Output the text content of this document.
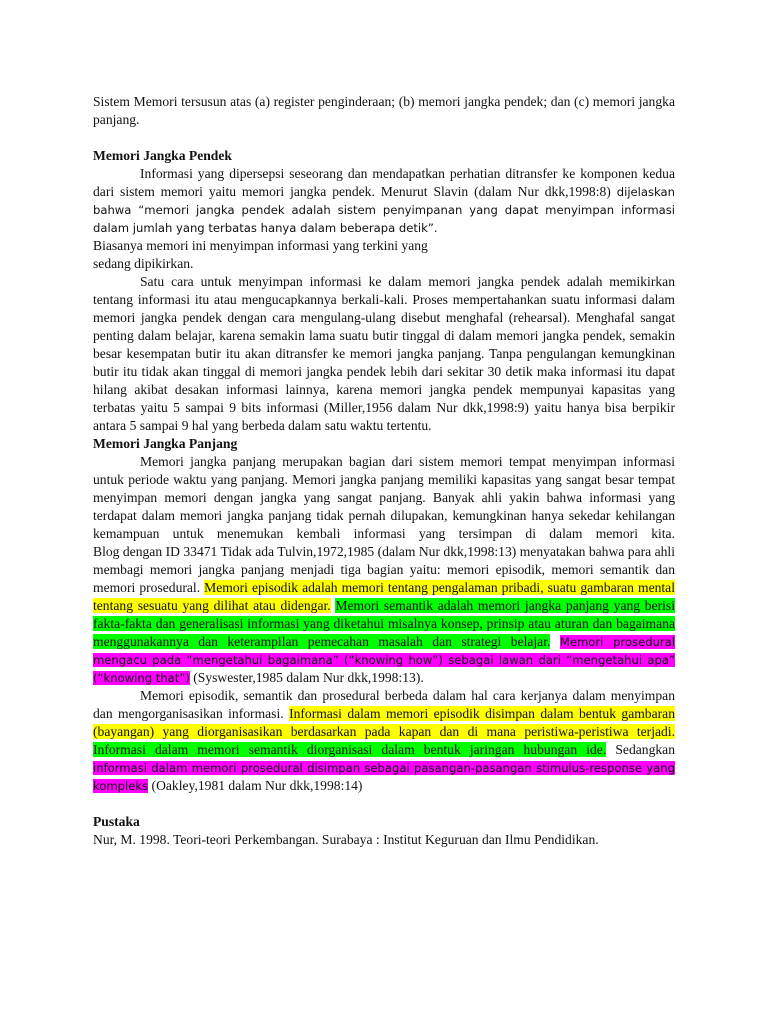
Sistem Memori tersusun atas (a) register penginderaan; (b) memori jangka pendek; dan (c) memori jangka panjang.

Memori Jangka Pendek

Informasi yang dipersepsi seseorang dan mendapatkan perhatian ditransfer ke komponen kedua dari sistem memori yaitu memori jangka pendek. Menurut Slavin (dalam Nur dkk,1998:8) dijelaskan bahwa “memori jangka pendek adalah sistem penyimpanan yang dapat menyimpan informasi dalam jumlah yang terbatas hanya dalam beberapa detik”.

Biasanya memori ini menyimpan informasi yang terkini yang

sedang dipikirkan.

Satu cara untuk menyimpan informasi ke dalam memori jangka pendek adalah memikirkan tentang informasi itu atau mengucapkannya berkali-kali. Proses mempertahankan suatu informasi dalam memori jangka pendek dengan cara mengulang-ulang disebut menghafal (rehearsal). Menghafal sangat penting dalam belajar, karena semakin lama suatu butir tinggal di dalam memori jangka pendek, semakin besar kesempatan butir itu akan ditransfer ke memori jangka panjang. Tanpa pengulangan kemungkinan butir itu tidak akan tinggal di memori jangka pendek lebih dari sekitar 30 detik maka informasi itu dapat hilang akibat desakan informasi lainnya, karena memori jangka pendek mempunyai kapasitas yang terbatas yaitu 5 sampai 9 bits informasi (Miller,1956 dalam Nur dkk,1998:9) yaitu hanya bisa berpikir antara 5 sampai 9 hal yang berbeda dalam satu waktu tertentu.

Memori Jangka Panjang

Memori jangka panjang merupakan bagian dari sistem memori tempat menyimpan informasi untuk periode waktu yang panjang. Memori jangka panjang memiliki kapasitas yang sangat besar tempat menyimpan memori dengan jangka yang sangat panjang. Banyak ahli yakin bahwa informasi yang terdapat dalam memori jangka panjang tidak pernah dilupakan, kemungkinan hanya sekedar kehilangan kemampuan untuk menemukan kembali informasi yang tersimpan di dalam memori kita.

Blog dengan ID 33471 Tidak ada Tulvin,1972,1985 (dalam Nur dkk,1998:13) menyatakan bahwa para ahli membagi memori jangka panjang menjadi tiga bagian yaitu: memori episodik, memori semantik dan memori prosedural. Memori episodik adalah memori tentang pengalaman pribadi, suatu gambaran mental tentang sesuatu yang dilihat atau didengar. Memori semantik adalah memori jangka panjang yang berisi fakta-fakta dan generalisasi informasi yang diketahui misalnya konsep, prinsip atau aturan dan bagaimana menggunakannya dan keterampilan pemecahan masalah dan strategi belajar. Memori prosedural mengacu pada “mengetahui bagaimana” (“knowing how”) sebagai lawan dari “mengetahui apa” (“knowing that”) (Syswester,1985 dalam Nur dkk,1998:13).

Memori episodik, semantik dan prosedural berbeda dalam hal cara kerjanya dalam menyimpan dan mengorganisasikan informasi. Informasi dalam memori episodik disimpan dalam bentuk gambaran (bayangan) yang diorganisasikan berdasarkan pada kapan dan di mana peristiwa-peristiwa terjadi. Informasi dalam memori semantik diorganisasi dalam bentuk jaringan hubungan ide. Sedangkan informasi dalam memori prosedural disimpan sebagai pasangan-pasangan stimulus-response yang kompleks (Oakley,1981 dalam Nur dkk,1998:14)

Pustaka

Nur, M. 1998. Teori-teori Perkembangan. Surabaya : Institut Keguruan dan Ilmu Pendidikan.
